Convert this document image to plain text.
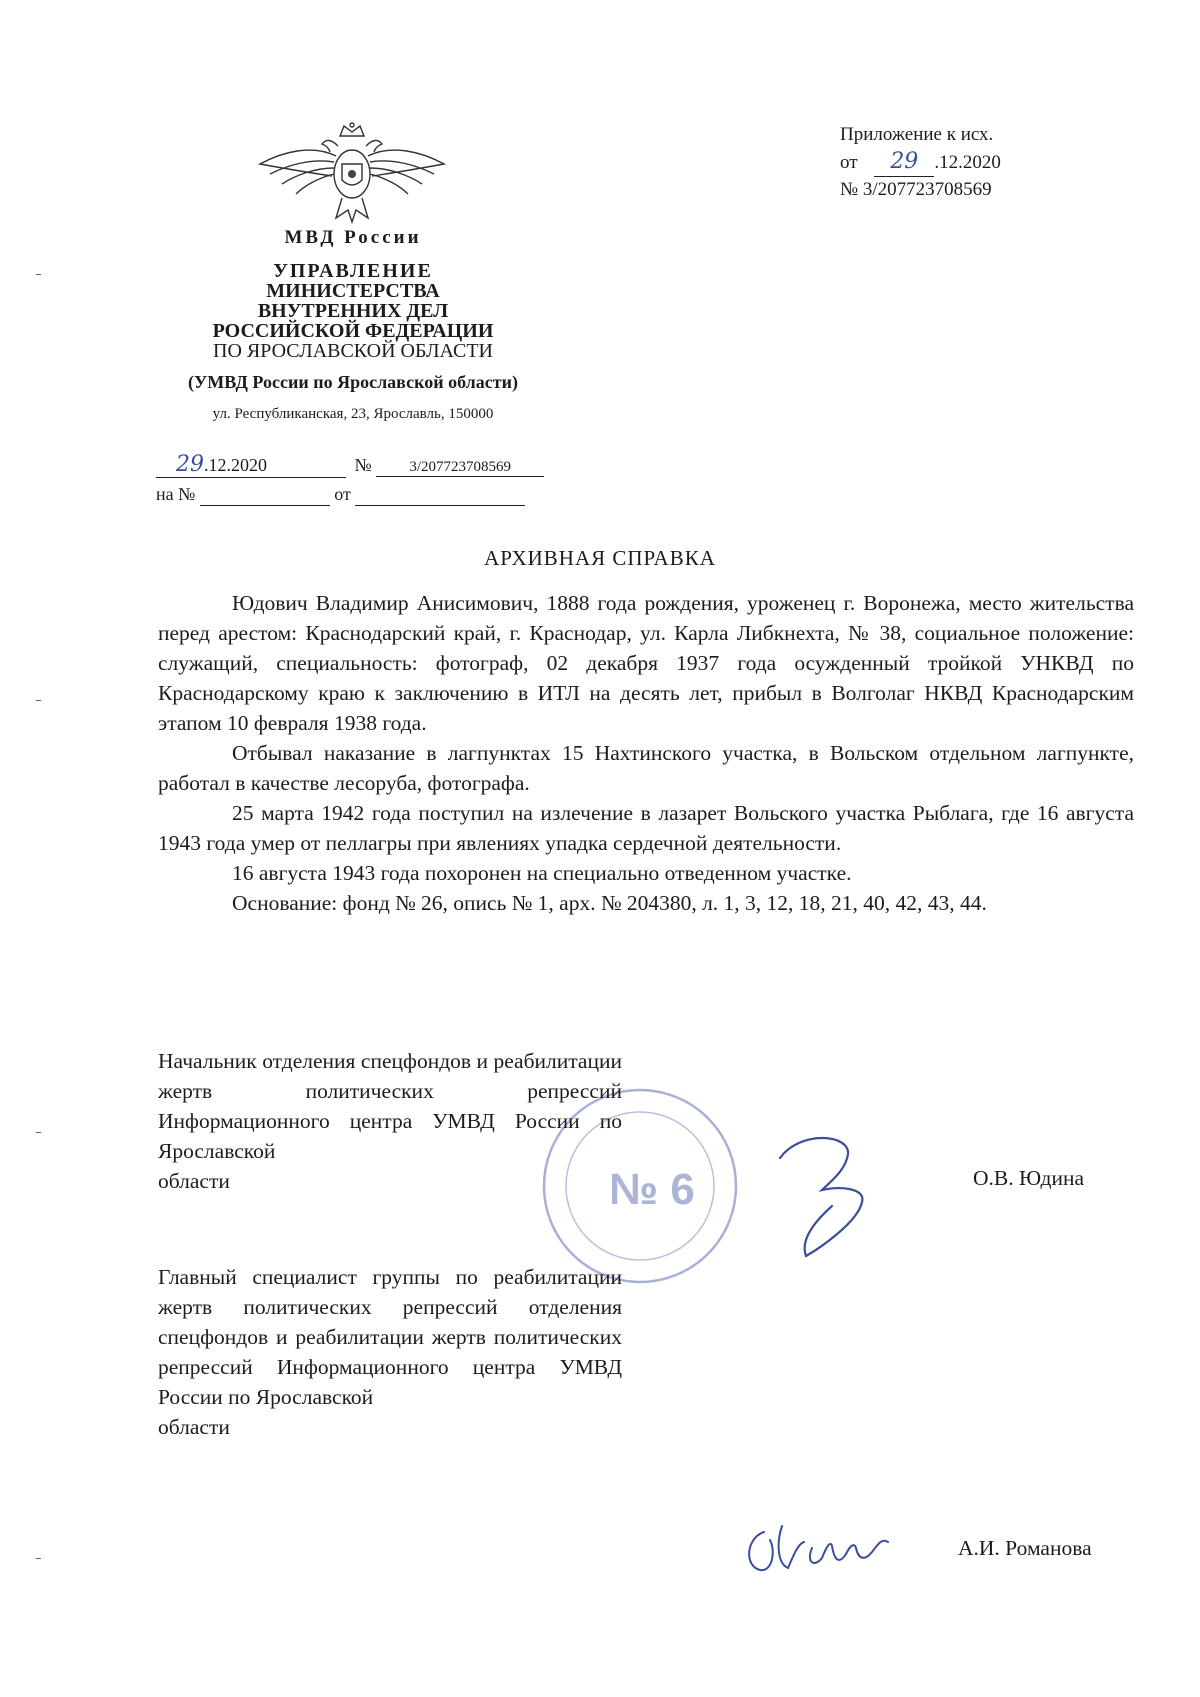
МВД России
УПРАВЛЕНИЕ
МИНИСТЕРСТВА
ВНУТРЕННИХ ДЕЛ
РОССИЙСКОЙ ФЕДЕРАЦИИ
ПО ЯРОСЛАВСКОЙ ОБЛАСТИ
(УМВД России по Ярославской области)
ул. Республиканская, 23, Ярославль, 150000
29.12.2020	№	3/207723708569
на №	от
Приложение к исх.
от 29 .12.2020
№ 3/207723708569
АРХИВНАЯ СПРАВКА

Юдович Владимир Анисимович, 1888 года рождения, уроженец г. Воронежа, место жительства перед арестом: Краснодарский край, г. Краснодар, ул. Карла Либкнехта, № 38, социальное положение: служащий, специальность: фотограф, 02 декабря 1937 года осужденный тройкой УНКВД по Краснодарскому краю к заключению в ИТЛ на десять лет, прибыл в Волголаг НКВД Краснодарским этапом 10 февраля 1938 года.

Отбывал наказание в лагпунктах 15 Нахтинского участка, в Вольском отдельном лагпункте, работал в качестве лесоруба, фотографа.

25 марта 1942 года поступил на излечение в лазарет Вольского участка Рыблага, где 16 августа 1943 года умер от пеллагры при явлениях упадка сердечной деятельности.

16 августа 1943 года похоронен на специально отведенном участке.

Основание: фонд № 26, опись № 1, арх. № 204380, л. 1, 3, 12, 18, 21, 40, 42, 43, 44.

№ 6
Начальник отделения спецфондов и реабилитации жертв политических репрессий Информационного центра УМВД России по Ярославской
области	О.В. Юдина
Главный специалист группы по реабилитации жертв политических репрессий отделения спецфондов и реабилитации жертв политических репрессий Информационного центра УМВД России по Ярославской
области
А.И. Романова
